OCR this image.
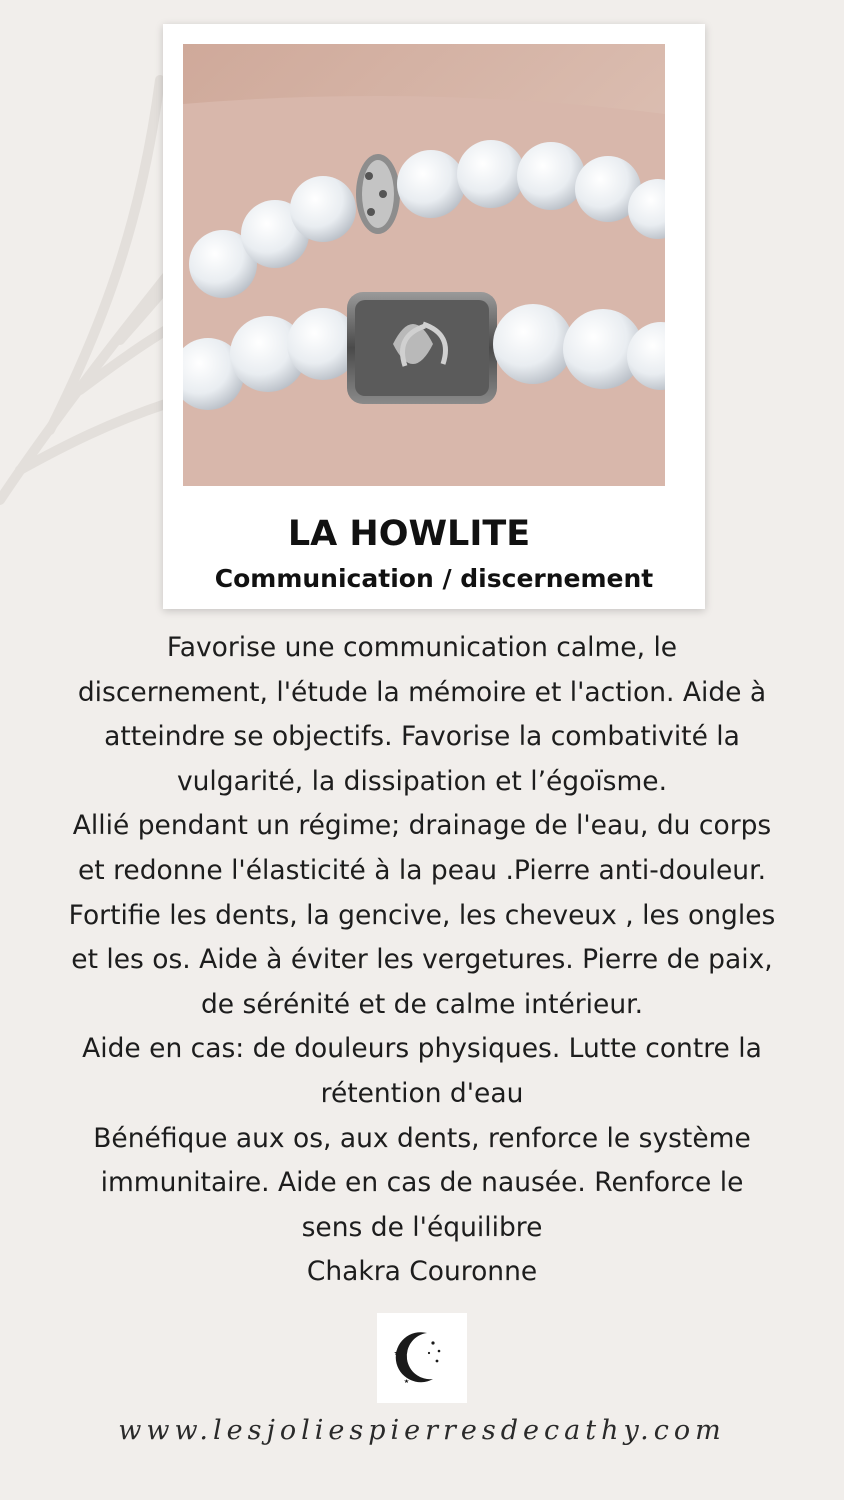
LA HOWLITE
Communication / discernement
Favorise une communication calme, le
discernement, l'étude la mémoire et l'action. Aide à
atteindre se objectifs. Favorise la combativité la
vulgarité, la dissipation et l’égoïsme.
Allié pendant un régime; drainage de l'eau, du corps
et redonne l'élasticité à la peau .Pierre anti-douleur.
Fortifie les dents, la gencive, les cheveux , les ongles
et les os. Aide à éviter les vergetures. Pierre de paix,
de sérénité et de calme intérieur.
Aide en cas: de douleurs physiques. Lutte contre la
rétention d'eau
Bénéfique aux os, aux dents, renforce le système
immunitaire. Aide en cas de nausée. Renforce le
sens de l'équilibre
Chakra Couronne
www.lesjoliespierresdecathy.com
